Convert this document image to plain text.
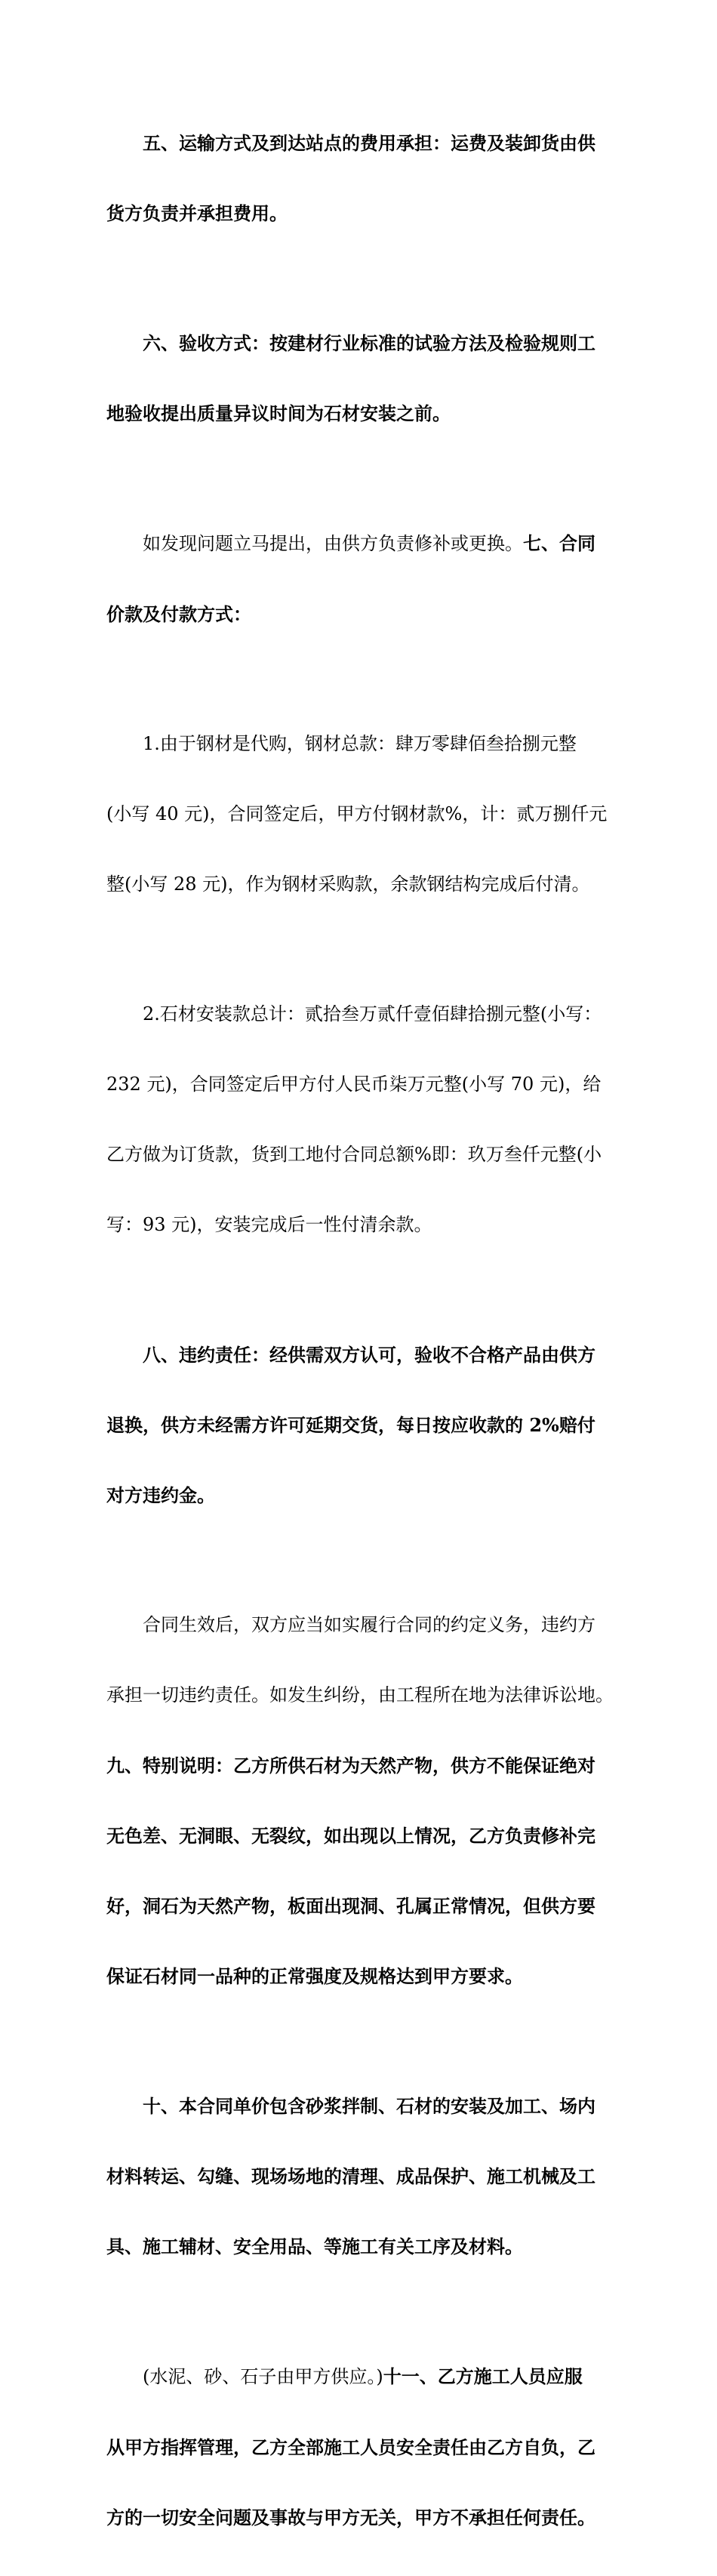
五、运输方式及到达站点的费用承担：运费及装卸货由供

货方负责并承担费用。

六、验收方式：按建材行业标准的试验方法及检验规则工

地验收提出质量异议时间为石材安装之前。

如发现问题立马提出，由供方负责修补或更换。七、合同

价款及付款方式：

1.由于钢材是代购，钢材总款：肆万零肆佰叁拾捌元整

(小写 40 元)，合同签定后，甲方付钢材款%，计：贰万捌仟元

整(小写 28 元)，作为钢材采购款，余款钢结构完成后付清。

2.石材安装款总计：贰拾叁万贰仟壹佰肆拾捌元整(小写：

232 元)，合同签定后甲方付人民币柒万元整(小写 70 元)，给

乙方做为订货款，货到工地付合同总额%即：玖万叁仟元整(小

写：93 元)，安装完成后一性付清余款。

八、违约责任：经供需双方认可，验收不合格产品由供方

退换，供方未经需方许可延期交货，每日按应收款的 2%赔付

对方违约金。

合同生效后，双方应当如实履行合同的约定义务，违约方

承担一切违约责任。如发生纠纷，由工程所在地为法律诉讼地。

九、特别说明：乙方所供石材为天然产物，供方不能保证绝对

无色差、无洞眼、无裂纹，如出现以上情况，乙方负责修补完

好，洞石为天然产物，板面出现洞、孔属正常情况，但供方要

保证石材同一品种的正常强度及规格达到甲方要求。

十、本合同单价包含砂浆拌制、石材的安装及加工、场内

材料转运、勾缝、现场场地的清理、成品保护、施工机械及工

具、施工辅材、安全用品、等施工有关工序及材料。

(水泥、砂、石子由甲方供应。)十一、乙方施工人员应服

从甲方指挥管理，乙方全部施工人员安全责任由乙方自负，乙

方的一切安全问题及事故与甲方无关，甲方不承担任何责任。
